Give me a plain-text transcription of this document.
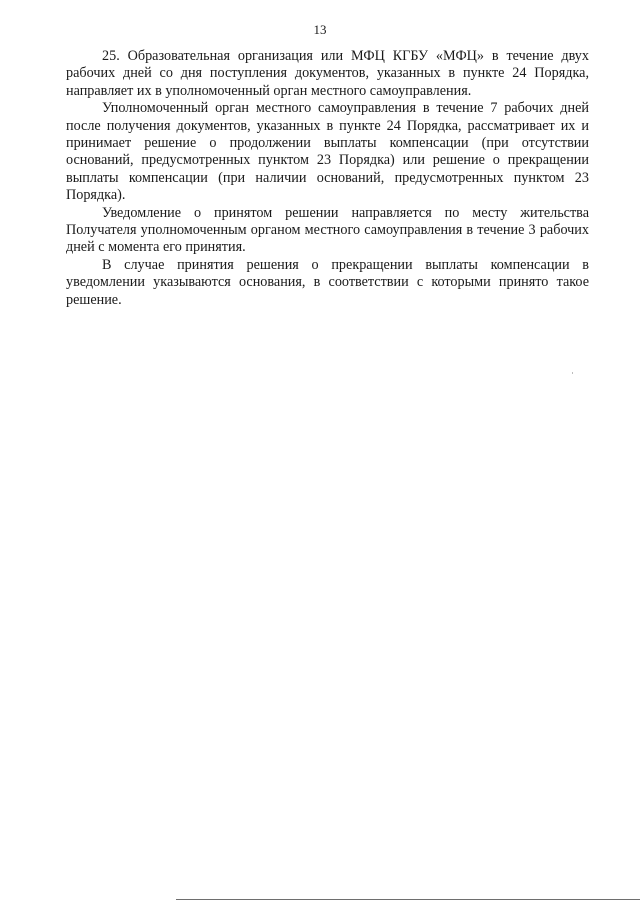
13

25. Образовательная организация или МФЦ КГБУ «МФЦ» в течение двух рабочих дней со дня поступления документов, указанных в пункте 24 Порядка, направляет их в уполномоченный орган местного самоуправления.

Уполномоченный орган местного самоуправления в течение 7 рабочих дней после получения документов, указанных в пункте 24 Порядка, рассматривает их и принимает решение о продолжении выплаты компенсации (при отсутствии оснований, предусмотренных пунктом 23 Порядка) или решение о прекращении выплаты компенсации (при наличии оснований, предусмотренных пунктом 23 Порядка).

Уведомление о принятом решении направляется по месту жительства Получателя уполномоченным органом местного самоуправления в течение 3 рабочих дней с момента его принятия.

В случае принятия решения о прекращении выплаты компенсации в уведомлении указываются основания, в соответствии с которыми принято такое решение.
